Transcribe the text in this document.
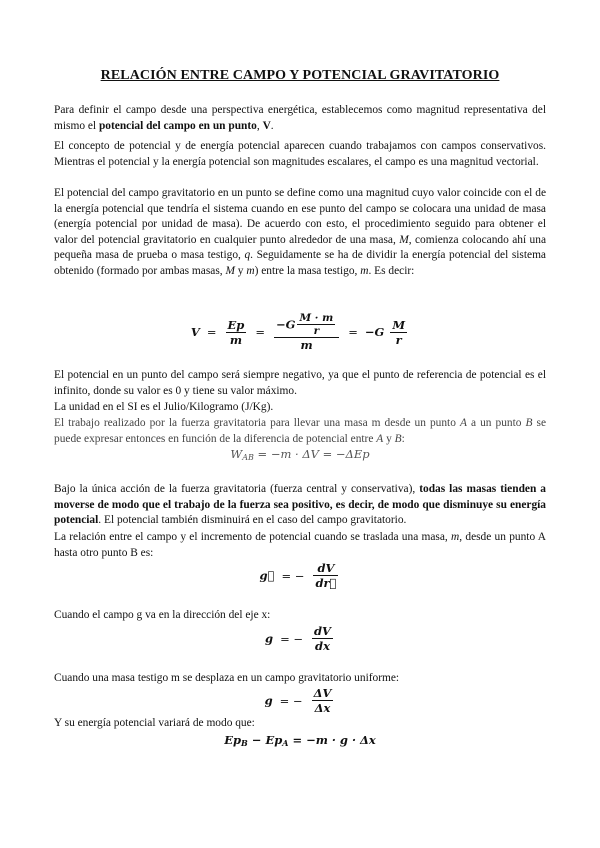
RELACIÓN ENTRE CAMPO Y POTENCIAL GRAVITATORIO

Para definir el campo desde una perspectiva energética, establecemos como magnitud representativa del mismo el potencial del campo en un punto, V.

El concepto de potencial y de energía potencial aparecen cuando trabajamos con campos conservativos. Mientras el potencial y la energía potencial son magnitudes escalares, el campo es una magnitud vectorial.

El potencial del campo gravitatorio en un punto se define como una magnitud cuyo valor coincide con el de la energía potencial que tendría el sistema cuando en ese punto del campo se colocara una unidad de masa (energía potencial por unidad de masa). De acuerdo con esto, el procedimiento seguido para obtener el valor del potencial gravitatorio en cualquier punto alrededor de una masa, M, comienza colocando ahí una pequeña masa de prueba o masa testigo, q. Seguidamente se ha de dividir la energía potencial del sistema obtenido (formado por ambas masas, M y m) entre la masa testigo, m. Es decir:

$V = \frac{Ep}{m} = \frac{-G \frac{M \cdot m}{r}}{m} = -G \frac{M}{r}$

El potencial en un punto del campo será siempre negativo, ya que el punto de referencia de potencial es el infinito, donde su valor es 0 y tiene su valor máximo.

La unidad en el SI es el Julio/Kilogramo (J/Kg).

El trabajo realizado por la fuerza gravitatoria para llevar una masa m desde un punto A a un punto B se puede expresar entonces en función de la diferencia de potencial entre A y B:

$W_{AB} = -m \cdot \Delta V = -\Delta Ep$

Bajo la única acción de la fuerza gravitatoria (fuerza central y conservativa), todas las masas tienden a moverse de modo que el trabajo de la fuerza sea positivo, es decir, de modo que disminuye su energía potencial. El potencial también disminuirá en el caso del campo gravitatorio.

La relación entre el campo y el incremento de potencial cuando se traslada una masa, m, desde un punto A hasta otro punto B es:

g⃗ = − $\frac{dV}{dr⃗}$

Cuando el campo g va en la dirección del eje x:

g = − $\frac{dV}{dx}$

Cuando una masa testigo m se desplaza en un campo gravitatorio uniforme:

g = − $\frac{\Delta V}{\Delta x}$

Y su energía potencial variará de modo que:

$Ep_B - Ep_A = -m \cdot g \cdot \Delta x$
